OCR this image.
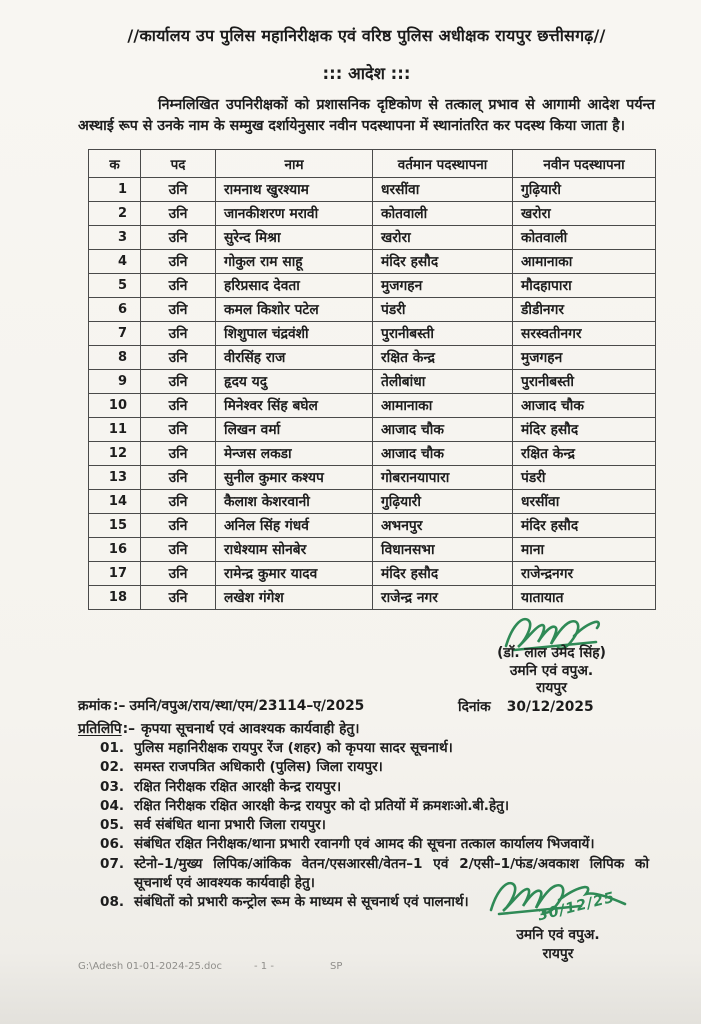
//कार्यालय उप पुलिस महानिरीक्षक एवं वरिष्ठ पुलिस अधीक्षक रायपुर छत्तीसगढ़//
::: आदेश :::
निम्नलिखित उपनिरीक्षकों को प्रशासनिक दृष्टिकोण से तत्काल् प्रभाव से आगामी आदेश पर्यन्त अस्थाई रूप से उनके नाम के सम्मुख दर्शायेनुसार नवीन पदस्थापना में स्थानांतरित कर पदस्थ किया जाता है।
क	पद	नाम	वर्तमान पदस्थापना	नवीन पदस्थापना
1	उनि	रामनाथ खुरश्याम	धरसींवा	गुढ़ियारी
2	उनि	जानकीशरण मरावी	कोतवाली	खरोरा
3	उनि	सुरेन्द मिश्रा	खरोरा	कोतवाली
4	उनि	गोकुल राम साहू	मंदिर हसौद	आमानाका
5	उनि	हरिप्रसाद देवता	मुजगहन	मौदहापारा
6	उनि	कमल किशोर पटेल	पंडरी	डीडीनगर
7	उनि	शिशुपाल चंद्रवंशी	पुरानीबस्ती	सरस्वतीनगर
8	उनि	वीरसिंह राज	रक्षित केन्द्र	मुजगहन
9	उनि	हृदय यदु	तेलीबांधा	पुरानीबस्ती
10	उनि	मिनेश्वर सिंह बघेल	आमानाका	आजाद चौक
11	उनि	लिखन वर्मा	आजाद चौक	मंदिर हसौद
12	उनि	मेन्जस लकडा	आजाद चौक	रक्षित केन्द्र
13	उनि	सुनील कुमार कश्यप	गोबरानयापारा	पंडरी
14	उनि	कैलाश केशरवानी	गुढ़ियारी	धरसींवा
15	उनि	अनिल सिंह गंधर्व	अभनपुर	मंदिर हसौद
16	उनि	राधेश्याम सोनबेर	विधानसभा	माना
17	उनि	रामेन्द्र कुमार यादव	मंदिर हसौद	राजेन्द्रनगर
18	उनि	लखेश गंगेश	राजेन्द्र नगर	यातायात
क्रमांक :– उमनि/वपुअ/राय/स्था/एम/23114–ए/2025
(डॉ. लाल उमेद सिंह)
उमनि एवं वपुअ.
रायपुर
दिनांक 30/12/2025
प्रतिलिपि:– कृपया सूचनार्थ एवं आवश्यक कार्यवाही हेतु।
01. पुलिस महानिरीक्षक रायपुर रेंज (शहर) को कृपया सादर सूचनार्थ।
02. समस्त राजपत्रित अधिकारी (पुलिस) जिला रायपुर।
03. रक्षित निरीक्षक रक्षित आरक्षी केन्द्र रायपुर।
04. रक्षित निरीक्षक रक्षित आरक्षी केन्द्र रायपुर को दो प्रतियों में क्रमशःओ.बी.हेतु।
05. सर्व संबंधित थाना प्रभारी जिला रायपुर।
06. संबंधित रक्षित निरीक्षक/थाना प्रभारी रवानगी एवं आमद की सूचना तत्काल कार्यालय भिजवायें।
07. स्टेनो–1/मुख्य लिपिक/आंकिक वेतन/एसआरसी/वेतन–1 एवं 2/एसी–1/फंड/अवकाश लिपिक को सूचनार्थ एवं आवश्यक कार्यवाही हेतु।
08. संबंधितों को प्रभारी कन्ट्रोल रूम के माध्यम से सूचनार्थ एवं पालनार्थ।	30/12/25
उमनि एवं वपुअ.
रायपुर
G:\Adesh 01-01-2024-25.doc	- 1 -	SP
